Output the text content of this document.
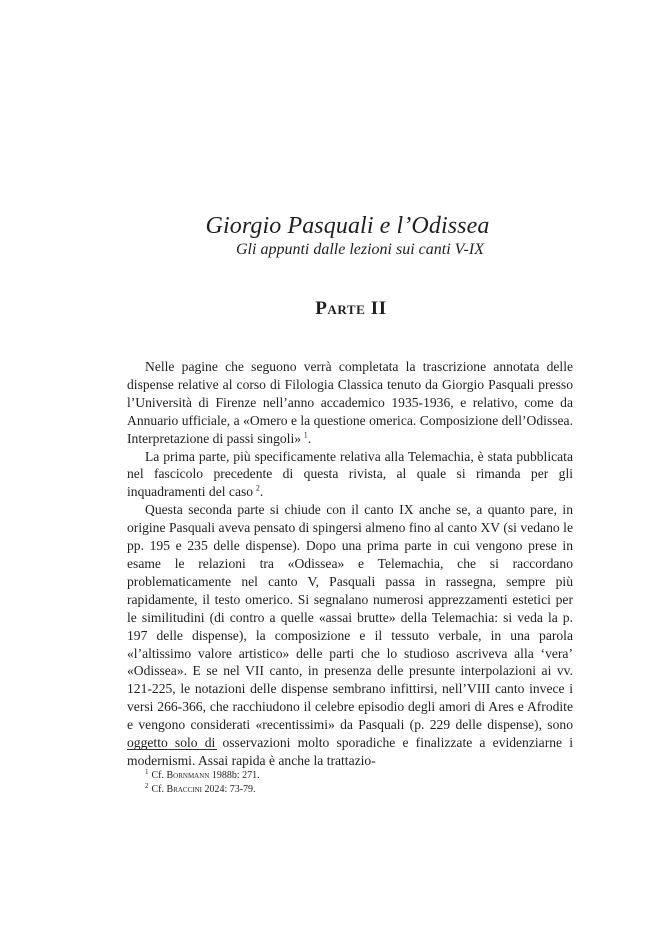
Giorgio Pasquali e l’Odissea

Gli appunti dalle lezioni sui canti V-IX

Parte II

Nelle pagine che seguono verrà completata la trascrizione annotata delle dispense relative al corso di Filologia Classica tenuto da Giorgio Pasquali presso l’Università di Firenze nell’anno accademico 1935-1936, e relativo, come da Annuario ufficiale, a «Omero e la questione omerica. Composizione dell’Odissea. Interpretazione di passi singoli»  $^1$.

La prima parte, più specificamente relativa alla Telemachia, è stata pubblicata nel fascicolo precedente di questa rivista, al quale si rimanda per gli inquadramenti del caso  $^2$.

Questa seconda parte si chiude con il canto IX anche se, a quanto pare, in origine Pasquali aveva pensato di spingersi almeno fino al canto XV (si vedano le pp. 195 e 235 delle dispense). Dopo una prima parte in cui vengono prese in esame le relazioni tra «Odissea» e Telemachia, che si raccordano problematicamente nel canto V, Pasquali passa in rassegna, sempre più rapidamente, il testo omerico. Si segnalano numerosi apprezzamenti estetici per le similitudini (di contro a quelle «assai brutte» della Telemachia: si veda la p. 197 delle dispense), la composizione e il tessuto verbale, in una parola «l’altissimo valore artistico» delle parti che lo studioso ascriveva alla ‘vera’ «Odissea». E se nel VII canto, in presenza delle presunte interpolazioni ai vv. 121-225, le notazioni delle dispense sembrano infittirsi, nell’VIII canto invece i versi 266-366, che racchiudono il celebre episodio degli amori di Ares e Afrodite e vengono considerati «recentissimi» da Pasquali (p. 229 delle dispense), sono oggetto solo di osservazioni molto sporadiche e finalizzate a evidenziarne i modernismi. Assai rapida è anche la trattazio-

$^1$ Cf. Bornmann 1988b: 271.
$^2$ Cf. Braccini 2024: 73-79.
